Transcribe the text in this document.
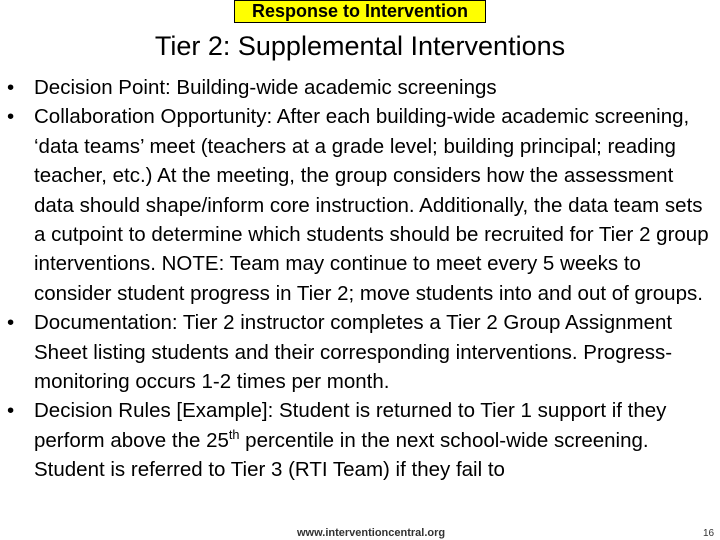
Response to Intervention
Tier 2: Supplemental Interventions
• Decision Point: Building-wide academic screenings
• Collaboration Opportunity: After each building-wide academic screening, ‘data teams’ meet (teachers at a grade level; building principal; reading teacher, etc.) At the meeting, the group considers how the assessment data should shape/inform core instruction. Additionally, the data team sets a cutpoint to determine which students should be recruited for Tier 2 group interventions. NOTE: Team may continue to meet every 5 weeks to consider student progress in Tier 2; move students into and out of groups.
• Documentation: Tier 2 instructor completes a Tier 2 Group Assignment Sheet listing students and their corresponding interventions. Progress-monitoring occurs 1-2 times per month.
• Decision Rules [Example]: Student is returned to Tier 1 support if they perform above the 25th percentile in the next school-wide screening. Student is referred to Tier 3 (RTI Team) if they fail to
www.interventioncentral.org	16
